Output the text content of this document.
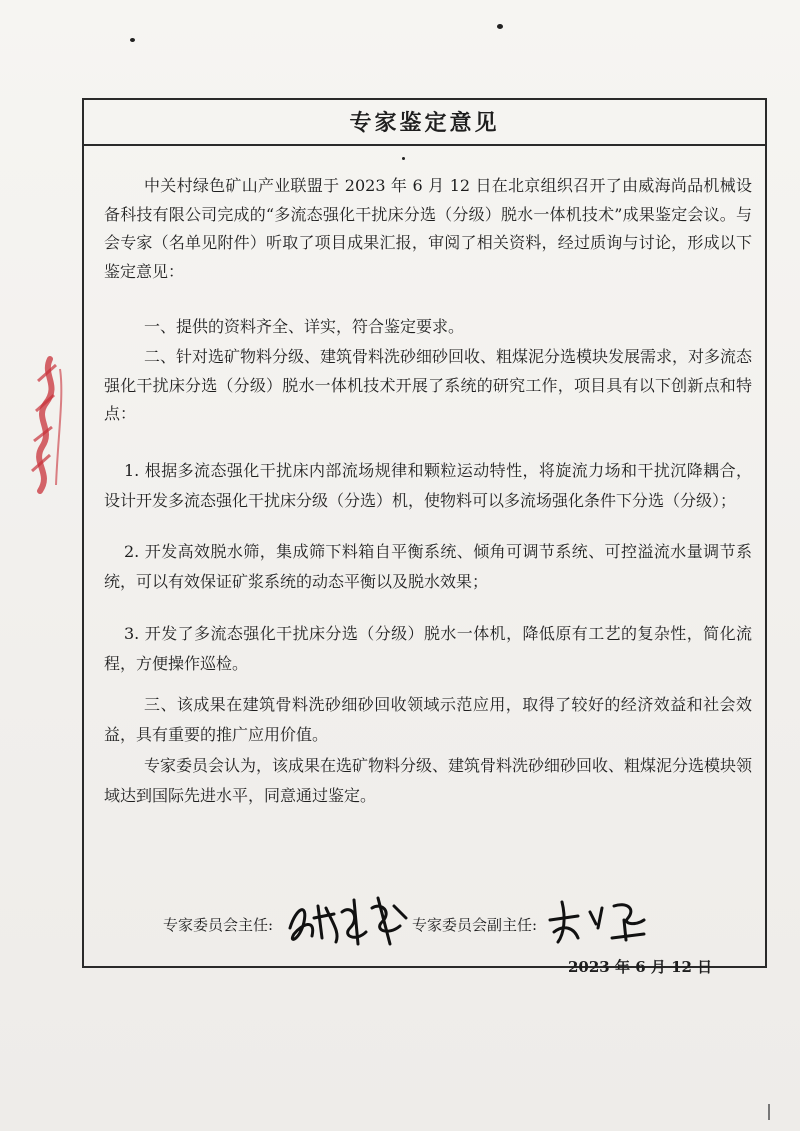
专家鉴定意见

中关村绿色矿山产业联盟于 2023 年 6 月 12 日在北京组织召开了由威海尚品机械设备科技有限公司完成的“多流态强化干扰床分选（分级）脱水一体机技术”成果鉴定会议。与会专家（名单见附件）听取了项目成果汇报，审阅了相关资料，经过质询与讨论，形成以下鉴定意见：

一、提供的资料齐全、详实，符合鉴定要求。

二、针对选矿物料分级、建筑骨料洗砂细砂回收、粗煤泥分选模块发展需求，对多流态强化干扰床分选（分级）脱水一体机技术开展了系统的研究工作，项目具有以下创新点和特点：

1. 根据多流态强化干扰床内部流场规律和颗粒运动特性，将旋流力场和干扰沉降耦合，设计开发多流态强化干扰床分级（分选）机，使物料可以多流场强化条件下分选（分级）；

2. 开发高效脱水筛，集成筛下料箱自平衡系统、倾角可调节系统、可控溢流水量调节系统，可以有效保证矿浆系统的动态平衡以及脱水效果；

3. 开发了多流态强化干扰床分选（分级）脱水一体机，降低原有工艺的复杂性，简化流程，方便操作巡检。

三、该成果在建筑骨料洗砂细砂回收领域示范应用，取得了较好的经济效益和社会效益，具有重要的推广应用价值。

专家委员会认为，该成果在选矿物料分级、建筑骨料洗砂细砂回收、粗煤泥分选模块领域达到国际先进水平，同意通过鉴定。

专家委员会主任:	专家委员会副主任:
2023 年 6 月 12 日
